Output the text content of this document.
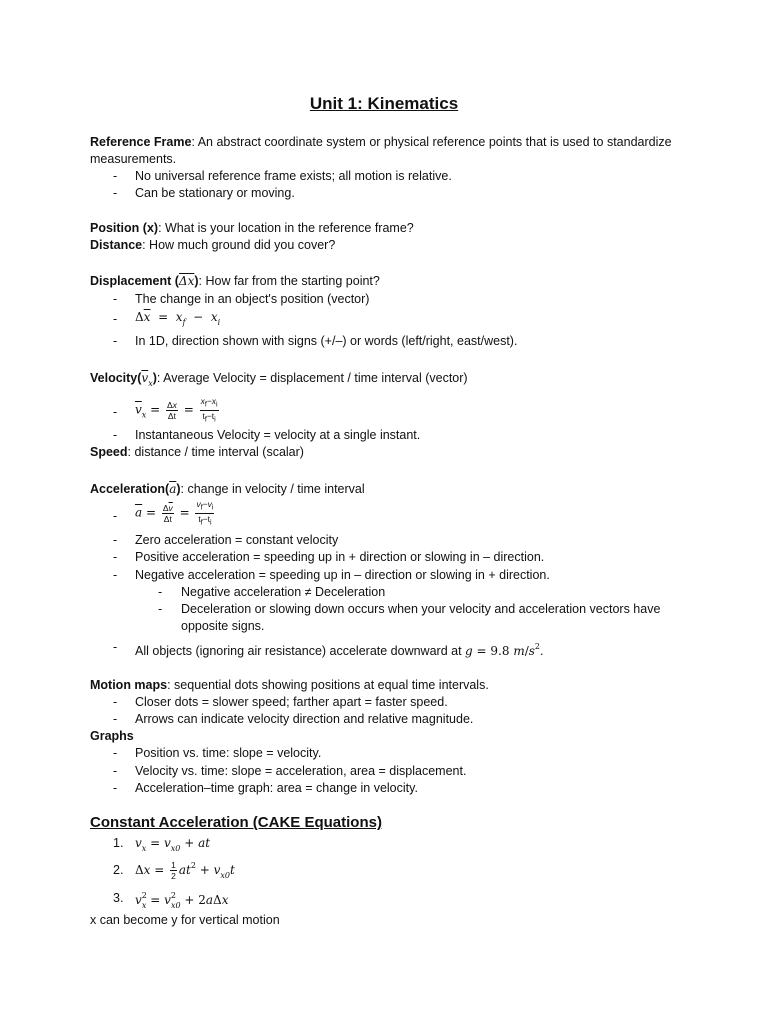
Unit 1: Kinematics
Reference Frame: An abstract coordinate system or physical reference points that is used to standardize
measurements.
- No universal reference frame exists; all motion is relative.
- Can be stationary or moving.
Position (x): What is your location in the reference frame?
Distance: How much ground did you cover?
Displacement $(\overline{\Delta x})$: How far from the starting point?
- The change in an object's position (vector)
- $\Delta\overline{x} = x_f - x_i$
- In 1D, direction shown with signs (+/–) or words (left/right, east/west).
$Velocity(\overline{v}_x)$: Average Velocity = displacement / time interval (vector)
- $\overline{v}_x = \frac{\Delta x}{\Delta t} = \frac{x_f-x_i}{t_f-t_i}$
- Instantaneous Velocity = velocity at a single instant.
Speed: distance / time interval (scalar)
$Acceleration(\overline{a})$: change in velocity / time interval
- $\overline{a} = \frac{\Delta\overline{v}}{\Delta t} = \frac{v_f-v_i}{t_f-t_i}$
- Zero acceleration = constant velocity
- Positive acceleration = speeding up in + direction or slowing in – direction.
- Negative acceleration = speeding up in – direction or slowing in + direction.
- Negative acceleration ≠ Deceleration
- Deceleration or slowing down occurs when your velocity and acceleration vectors have
opposite signs.
- All objects (ignoring air resistance) accelerate downward at g = 9.8 $m/s^2$.
Motion maps: sequential dots showing positions at equal time intervals.
- Closer dots = slower speed; farther apart = faster speed.
- Arrows can indicate velocity direction and relative magnitude.
Graphs
- Position vs. time: slope = velocity.
- Velocity vs. time: slope = acceleration, area = displacement.
- Acceleration–time graph: area = change in velocity.
Constant Acceleration (CAKE Equations)
1. $v_x = v_{x0}$ + at
2. $\Delta x = \frac{1}{2} at^2 + v_{x0}t$
3. $v^2_x = v^2_{x0} + 2a\Delta x$
x can become y for vertical motion
